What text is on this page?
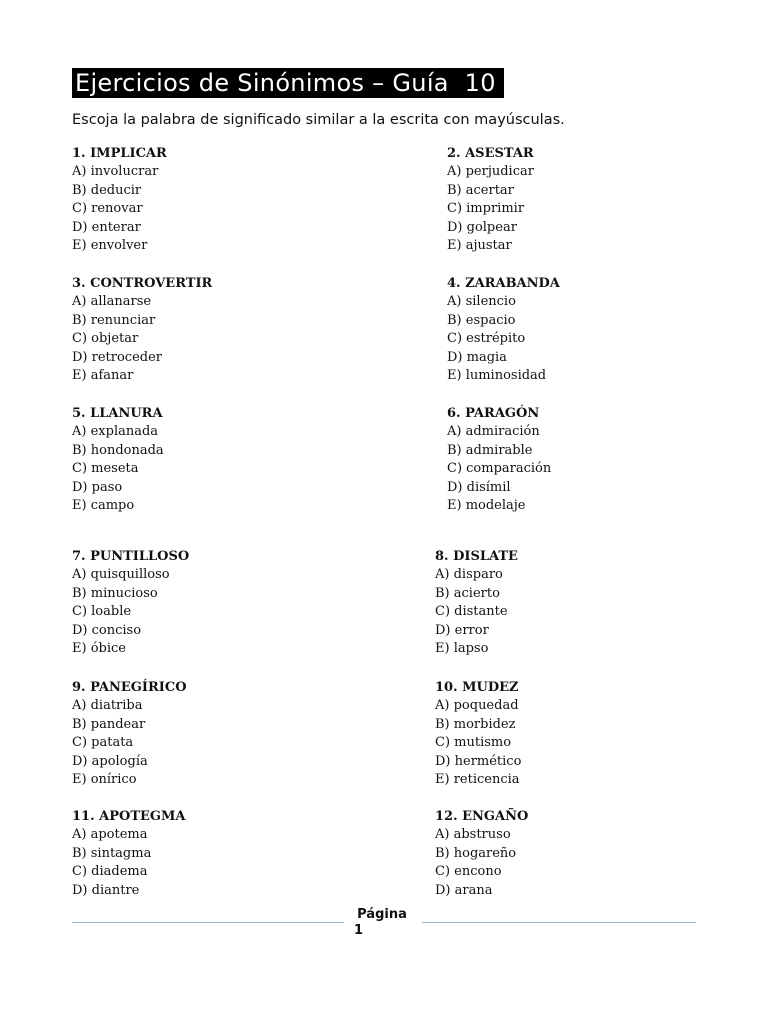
Ejercicios de Sinónimos – Guía  10
Escoja la palabra de significado similar a la escrita con mayúsculas.
1. IMPLICAR
A) involucrar
B) deducir
C) renovar
D) enterar
E) envolver
2. ASESTAR
A) perjudicar
B) acertar
C) imprimir
D) golpear
E) ajustar
3. CONTROVERTIR
A) allanarse
B) renunciar
C) objetar
D) retroceder
E) afanar
4. ZARABANDA
A) silencio
B) espacio
C) estrépito
D) magia
E) luminosidad
5. LLANURA
A) explanada
B) hondonada
C) meseta
D) paso
E) campo
6. PARAGÓN
A) admiración
B) admirable
C) comparación
D) disímil
E) modelaje
7. PUNTILLOSO
A) quisquilloso
B) minucioso
C) loable
D) conciso
E) óbice
8. DISLATE
A) disparo
B) acierto
C) distante
D) error
E) lapso
9. PANEGÍRICO
A) diatriba
B) pandear
C) patata
D) apología
E) onírico
10. MUDEZ
A) poquedad
B) morbidez
C) mutismo
D) hermético
E) reticencia
11. APOTEGMA
A) apotema
B) sintagma
C) diadema
D) diantre
12. ENGAÑO
A) abstruso
B) hogareño
C) encono
D) arana
Página
1
